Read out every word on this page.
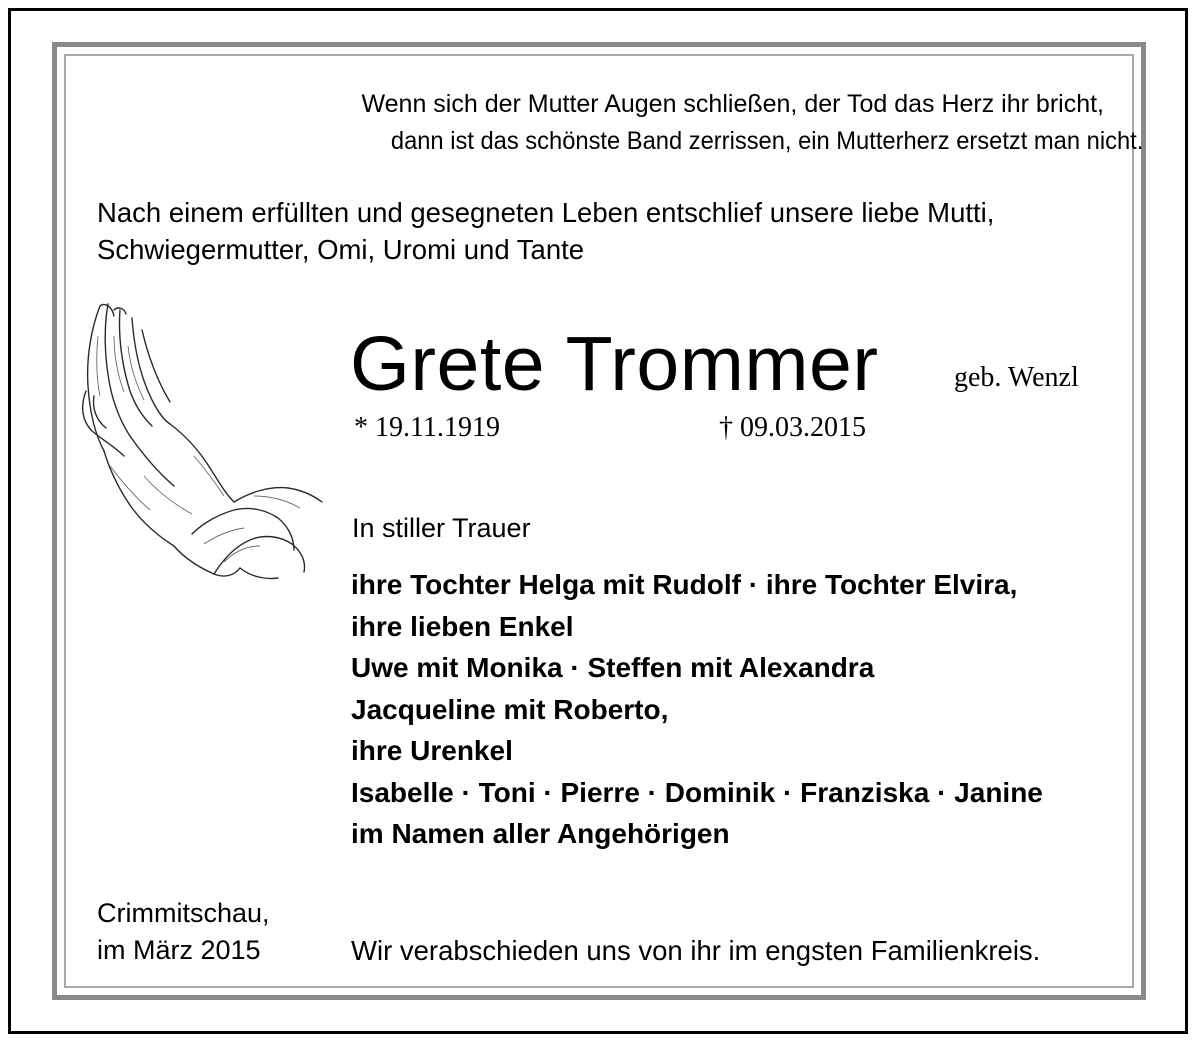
Wenn sich der Mutter Augen schließen, der Tod das Herz ihr bricht,
dann ist das schönste Band zerrissen, ein Mutterherz ersetzt man nicht.
Nach einem erfüllten und gesegneten Leben entschlief unsere liebe Mutti,
Schwiegermutter, Omi, Uromi und Tante
Grete Trommer	geb. Wenzl
* 19.11.1919	† 09.03.2015
In stiller Trauer
ihre Tochter Helga mit Rudolf · ihre Tochter Elvira,
ihre lieben Enkel
Uwe mit Monika · Steffen mit Alexandra
Jacqueline mit Roberto,
ihre Urenkel
Isabelle · Toni · Pierre · Dominik · Franziska · Janine
im Namen aller Angehörigen
Crimmitschau,
im März 2015	Wir verabschieden uns von ihr im engsten Familienkreis.
